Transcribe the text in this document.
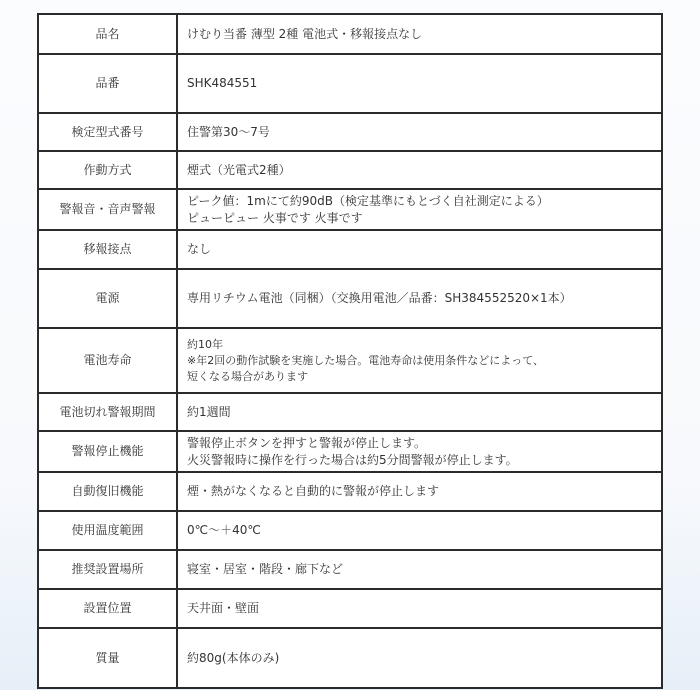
品名	けむり当番 薄型 2種 電池式・移報接点なし

品番	SHK484551

検定型式番号	住警第30〜7号

作動方式	煙式（光電式2種）

警報音・音声警報	ピーク値：1mにて約90dB（検定基準にもとづく自社測定による）
ピューピュー 火事です 火事です

移報接点	なし

電源	専用リチウム電池（同梱）（交換用電池／品番：SH384552520×1本）

電池寿命	約10年
※年2回の動作試験を実施した場合。電池寿命は使用条件などによって、
短くなる場合があります

電池切れ警報期間	約1週間

警報停止機能	警報停止ボタンを押すと警報が停止します。
火災警報時に操作を行った場合は約5分間警報が停止します。

自動復旧機能	煙・熱がなくなると自動的に警報が停止します

使用温度範囲	0℃〜＋40℃

推奨設置場所	寝室・居室・階段・廊下など

設置位置	天井面・壁面

質量	約80g(本体のみ)
